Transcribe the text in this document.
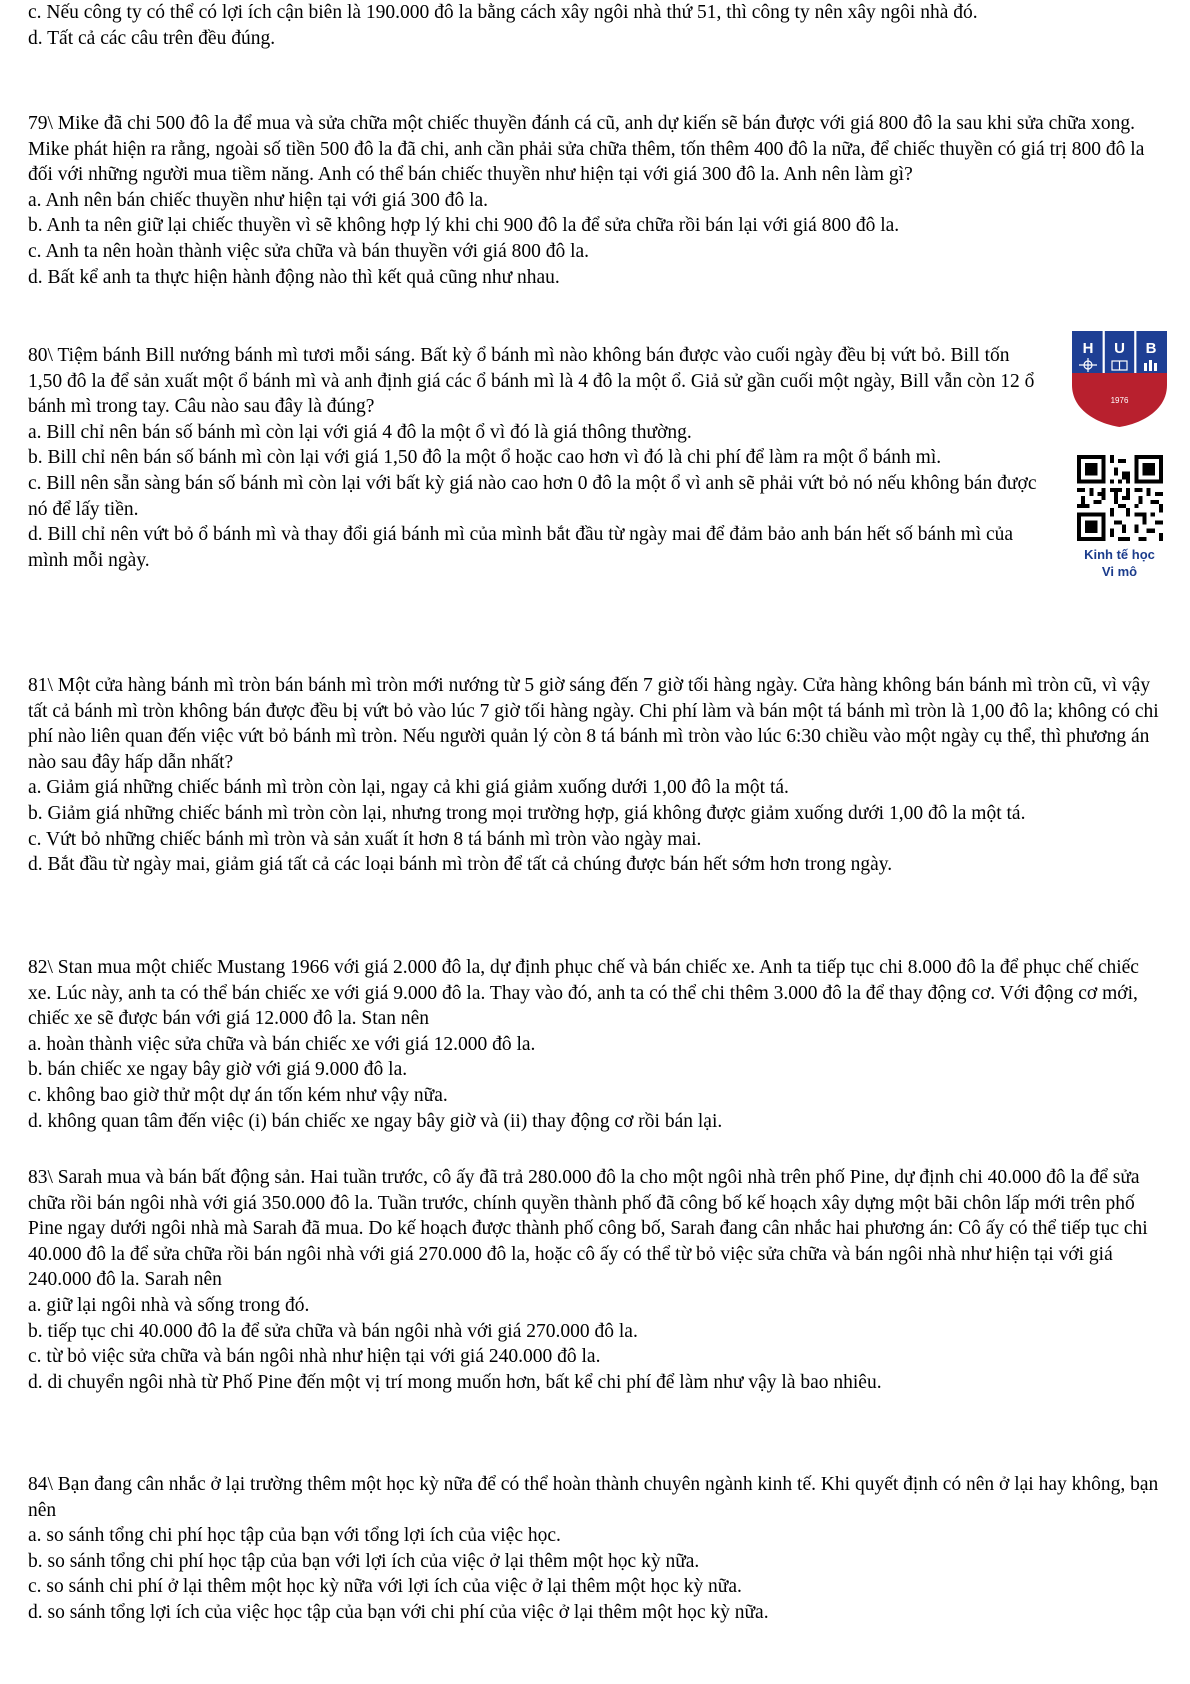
c. Nếu công ty có thể có lợi ích cận biên là 190.000 đô la bằng cách xây ngôi nhà thứ 51, thì công ty nên xây ngôi nhà đó.

d. Tất cả các câu trên đều đúng.

79\ Mike đã chi 500 đô la để mua và sửa chữa một chiếc thuyền đánh cá cũ, anh dự kiến sẽ bán được với giá 800 đô la sau khi sửa chữa xong. Mike phát hiện ra rằng, ngoài số tiền 500 đô la đã chi, anh cần phải sửa chữa thêm, tốn thêm 400 đô la nữa, để chiếc thuyền có giá trị 800 đô la đối với những người mua tiềm năng. Anh có thể bán chiếc thuyền như hiện tại với giá 300 đô la. Anh nên làm gì?

a. Anh nên bán chiếc thuyền như hiện tại với giá 300 đô la.

b. Anh ta nên giữ lại chiếc thuyền vì sẽ không hợp lý khi chi 900 đô la để sửa chữa rồi bán lại với giá 800 đô la.

c. Anh ta nên hoàn thành việc sửa chữa và bán thuyền với giá 800 đô la.

d. Bất kể anh ta thực hiện hành động nào thì kết quả cũng như nhau.

80\ Tiệm bánh Bill nướng bánh mì tươi mỗi sáng. Bất kỳ ổ bánh mì nào không bán được vào cuối ngày đều bị vứt bỏ. Bill tốn 1,50 đô la để sản xuất một ổ bánh mì và anh định giá các ổ bánh mì là 4 đô la một ổ. Giả sử gần cuối một ngày, Bill vẫn còn 12 ổ bánh mì trong tay. Câu nào sau đây là đúng?

a. Bill chỉ nên bán số bánh mì còn lại với giá 4 đô la một ổ vì đó là giá thông thường.

b. Bill chỉ nên bán số bánh mì còn lại với giá 1,50 đô la một ổ hoặc cao hơn vì đó là chi phí để làm ra một ổ bánh mì.

c. Bill nên sẵn sàng bán số bánh mì còn lại với bất kỳ giá nào cao hơn 0 đô la một ổ vì anh sẽ phải vứt bỏ nó nếu không bán được nó để lấy tiền.

d. Bill chỉ nên vứt bỏ ổ bánh mì và thay đổi giá bánh mì của mình bắt đầu từ ngày mai để đảm bảo anh bán hết số bánh mì của mình mỗi ngày.

H U B
1976
Kinh tế học
Vi mô

81\ Một cửa hàng bánh mì tròn bán bánh mì tròn mới nướng từ 5 giờ sáng đến 7 giờ tối hàng ngày. Cửa hàng không bán bánh mì tròn cũ, vì vậy tất cả bánh mì tròn không bán được đều bị vứt bỏ vào lúc 7 giờ tối hàng ngày. Chi phí làm và bán một tá bánh mì tròn là 1,00 đô la; không có chi phí nào liên quan đến việc vứt bỏ bánh mì tròn. Nếu người quản lý còn 8 tá bánh mì tròn vào lúc 6:30 chiều vào một ngày cụ thể, thì phương án nào sau đây hấp dẫn nhất?

a. Giảm giá những chiếc bánh mì tròn còn lại, ngay cả khi giá giảm xuống dưới 1,00 đô la một tá.

b. Giảm giá những chiếc bánh mì tròn còn lại, nhưng trong mọi trường hợp, giá không được giảm xuống dưới 1,00 đô la một tá.

c. Vứt bỏ những chiếc bánh mì tròn và sản xuất ít hơn 8 tá bánh mì tròn vào ngày mai.

d. Bắt đầu từ ngày mai, giảm giá tất cả các loại bánh mì tròn để tất cả chúng được bán hết sớm hơn trong ngày.

82\ Stan mua một chiếc Mustang 1966 với giá 2.000 đô la, dự định phục chế và bán chiếc xe. Anh ta tiếp tục chi 8.000 đô la để phục chế chiếc xe. Lúc này, anh ta có thể bán chiếc xe với giá 9.000 đô la. Thay vào đó, anh ta có thể chi thêm 3.000 đô la để thay động cơ. Với động cơ mới, chiếc xe sẽ được bán với giá 12.000 đô la. Stan nên

a. hoàn thành việc sửa chữa và bán chiếc xe với giá 12.000 đô la.

b. bán chiếc xe ngay bây giờ với giá 9.000 đô la.

c. không bao giờ thử một dự án tốn kém như vậy nữa.

d. không quan tâm đến việc (i) bán chiếc xe ngay bây giờ và (ii) thay động cơ rồi bán lại.

83\ Sarah mua và bán bất động sản. Hai tuần trước, cô ấy đã trả 280.000 đô la cho một ngôi nhà trên phố Pine, dự định chi 40.000 đô la để sửa chữa rồi bán ngôi nhà với giá 350.000 đô la. Tuần trước, chính quyền thành phố đã công bố kế hoạch xây dựng một bãi chôn lấp mới trên phố Pine ngay dưới ngôi nhà mà Sarah đã mua. Do kế hoạch được thành phố công bố, Sarah đang cân nhắc hai phương án: Cô ấy có thể tiếp tục chi 40.000 đô la để sửa chữa rồi bán ngôi nhà với giá 270.000 đô la, hoặc cô ấy có thể từ bỏ việc sửa chữa và bán ngôi nhà như hiện tại với giá 240.000 đô la. Sarah nên

a. giữ lại ngôi nhà và sống trong đó.

b. tiếp tục chi 40.000 đô la để sửa chữa và bán ngôi nhà với giá 270.000 đô la.

c. từ bỏ việc sửa chữa và bán ngôi nhà như hiện tại với giá 240.000 đô la.

d. di chuyển ngôi nhà từ Phố Pine đến một vị trí mong muốn hơn, bất kể chi phí để làm như vậy là bao nhiêu.

84\ Bạn đang cân nhắc ở lại trường thêm một học kỳ nữa để có thể hoàn thành chuyên ngành kinh tế. Khi quyết định có nên ở lại hay không, bạn nên

a. so sánh tổng chi phí học tập của bạn với tổng lợi ích của việc học.

b. so sánh tổng chi phí học tập của bạn với lợi ích của việc ở lại thêm một học kỳ nữa.

c. so sánh chi phí ở lại thêm một học kỳ nữa với lợi ích của việc ở lại thêm một học kỳ nữa.

d. so sánh tổng lợi ích của việc học tập của bạn với chi phí của việc ở lại thêm một học kỳ nữa.
